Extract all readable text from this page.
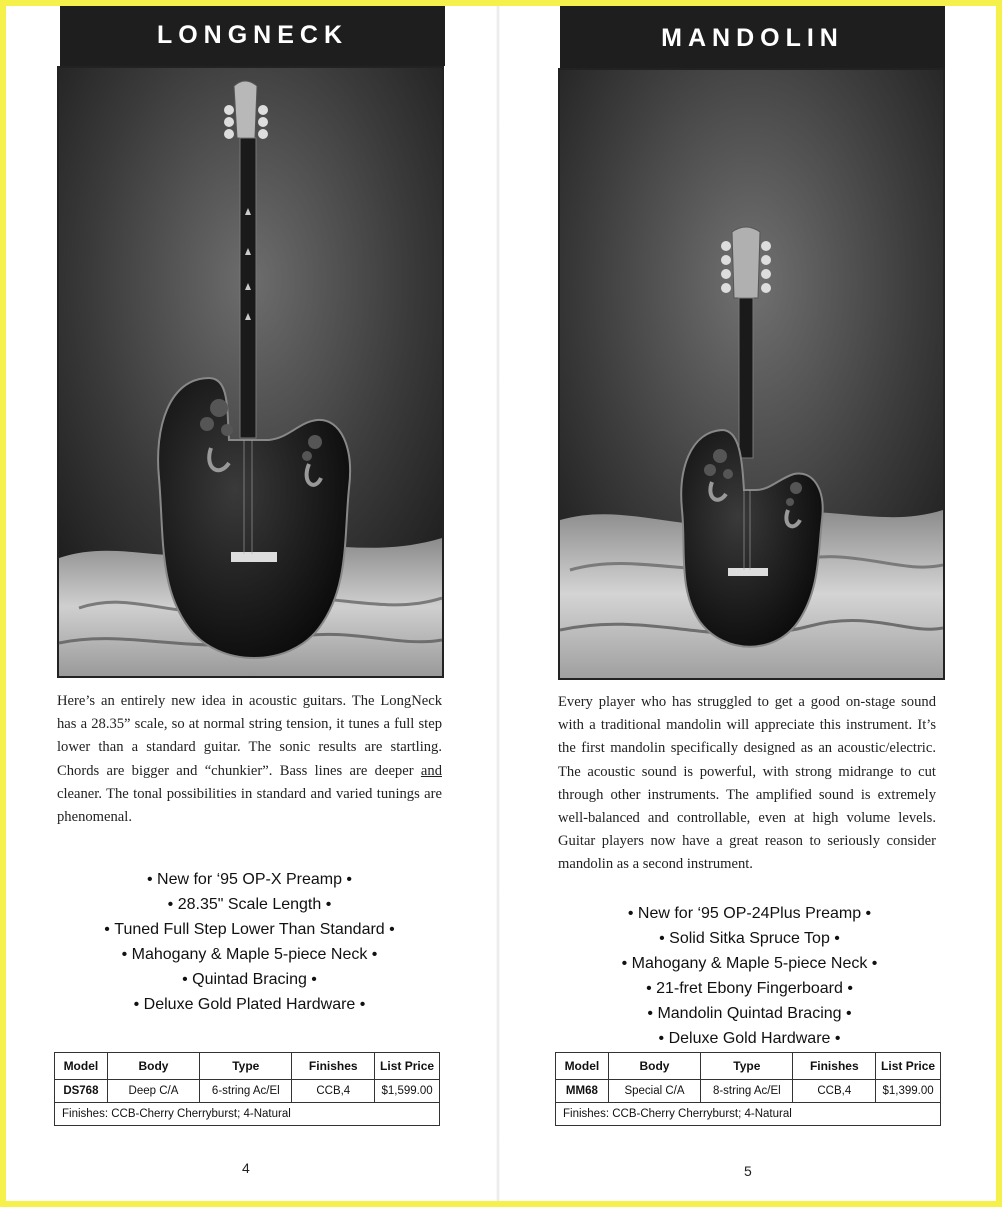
LONGNECK

Here’s an entirely new idea in acoustic guitars. The LongNeck has a 28.35” scale, so at normal string tension, it tunes a full step lower than a standard guitar. The sonic results are startling. Chords are bigger and “chunkier”. Bass lines are deeper and cleaner. The tonal possibilities in standard and varied tunings are phenomenal.

• New for ‘95 OP-X Preamp •
• 28.35" Scale Length •
• Tuned Full Step Lower Than Standard •
• Mahogany & Maple 5-piece Neck •
• Quintad Bracing •
• Deluxe Gold Plated Hardware •
Model	Body	Type	Finishes	List Price
DS768	Deep C/A	6-string Ac/El	CCB,4	$1,599.00
Finishes: CCB-Cherry Cherryburst; 4-Natural				
4
MANDOLIN

Every player who has struggled to get a good on-stage sound with a traditional mandolin will appreciate this instrument. It’s the first mandolin specifically designed as an acoustic/electric. The acoustic sound is powerful, with strong midrange to cut through other instruments. The amplified sound is extremely well-balanced and controllable, even at high volume levels. Guitar players now have a great reason to seriously consider mandolin as a second instrument.

• New for ‘95 OP-24Plus Preamp •
• Solid Sitka Spruce Top •
• Mahogany & Maple 5-piece Neck •
• 21-fret Ebony Fingerboard •
• Mandolin Quintad Bracing •
• Deluxe Gold Hardware •
Model	Body	Type	Finishes	List Price
MM68	Special C/A	8-string Ac/El	CCB,4	$1,399.00
Finishes: CCB-Cherry Cherryburst; 4-Natural				
5
